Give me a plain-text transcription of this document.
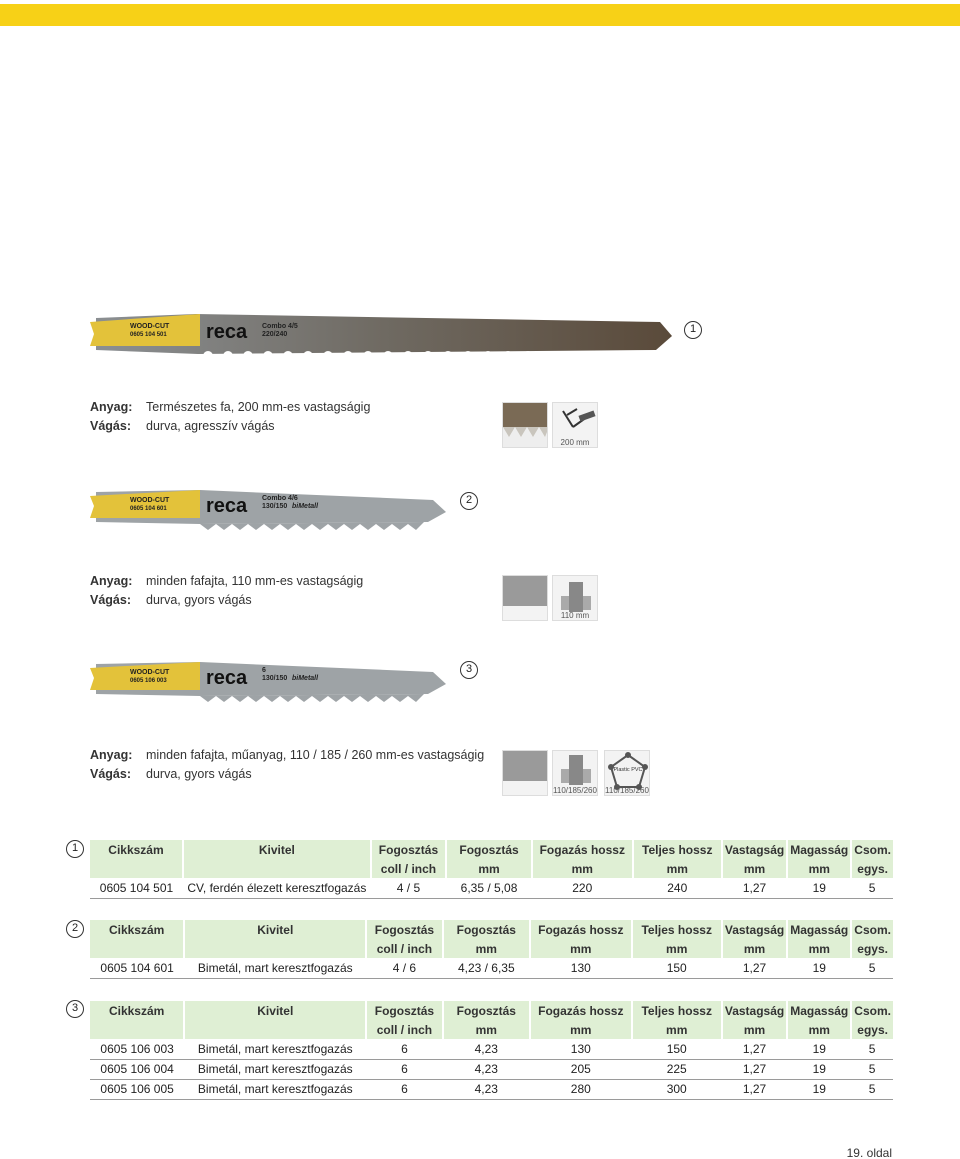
WOOD-CUT
0605 104 501 reca Combo 4/5
220/240	1
Anyag: Természetes fa, 200 mm-es vastagságig
Vágás: durva, agresszív vágás
200 mm
WOOD-CUT
0605 104 601 reca Combo 4/6
130/150 biMetall
2
Anyag: minden fafajta, 110 mm-es vastagságig
Vágás: durva, gyors vágás
110 mm
WOOD-CUT
0605 106 003 reca 6
130/150 biMetall
3
Anyag: minden fafajta, műanyag, 110 / 185 / 260 mm-es vastagságig
Vágás: durva, gyors vágás
110/185/260
Plastic PVC
110/185/260
1	Cikkszám	Kivitel	Fogosztás	Fogosztás	Fogazás hossz	Teljes hossz	Vastagság	Magasság	Csom.
		coll / inch	mm	mm	mm	mm	mm	egys.
0605 104 501	CV, ferdén élezett keresztfogazás	4 / 5	6,35 / 5,08	220	240	1,27	19	5
2	Cikkszám	Kivitel	Fogosztás	Fogosztás	Fogazás hossz	Teljes hossz	Vastagság	Magasság	Csom.
		coll / inch	mm	mm	mm	mm	mm	egys.
0605 104 601	Bimetál, mart keresztfogazás	4 / 6	4,23 / 6,35	130	150	1,27	19	5
3	Cikkszám	Kivitel	Fogosztás	Fogosztás	Fogazás hossz	Teljes hossz	Vastagság	Magasság	Csom.
		coll / inch	mm	mm	mm	mm	mm	egys.
0605 106 003	Bimetál, mart keresztfogazás	6	4,23	130	150	1,27	19	5
0605 106 004	Bimetál, mart keresztfogazás	6	4,23	205	225	1,27	19	5
0605 106 005	Bimetál, mart keresztfogazás	6	4,23	280	300	1,27	19	5
19. oldal
